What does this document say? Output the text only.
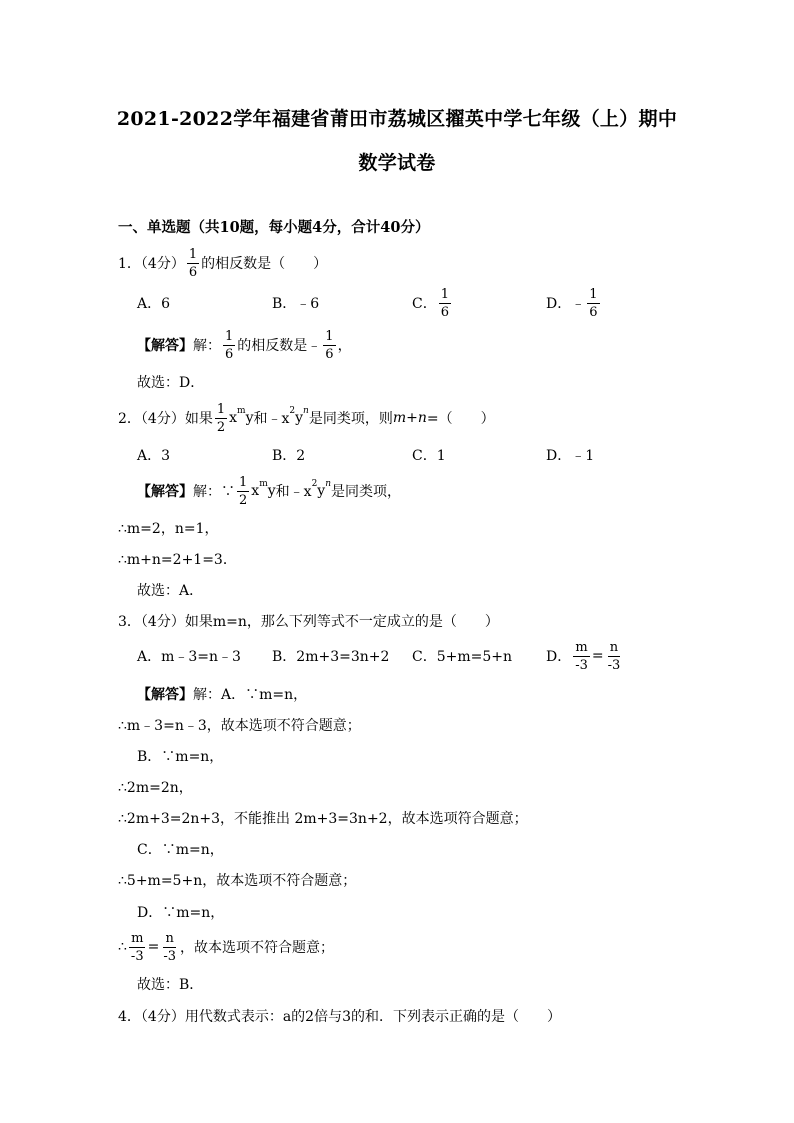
2021-2022学年福建省莆田市荔城区擢英中学七年级（上）期中
数学试卷
一、单选题（共10题，每小题4分，合计40分）
1．（4分） $\frac{1}{6}$ 的相反数是（　　）
A．6	B．﹣6	C． $\frac{1}{6}$	D．﹣ $\frac{1}{6}$
【解答】 解： $\frac{1}{6}$ 的相反数是﹣ $\frac{1}{6}$ ，
故选：D．
2．（4分）如果 $\frac{1}{2}$ x m y 和﹣x 2 y n 是同类项，则 m + n =（　　）
A．3	B．2	C．1	D．﹣1
【解答】 解：∵ $\frac{1}{2}$ x m y 和﹣x 2 y n 是同类项，
∴m=2，n=1，
∴m+n=2+1=3．
故选：A．
3．（4分）如果m=n，那么下列等式不一定成立的是（　　）
A．m﹣3=n﹣3 B．2m+3=3n+2 C．5+m=5+n D． $\frac{m}{-3} = \frac{n}{-3}$
【解答】 解：A．∵m=n，
∴m﹣3=n﹣3，故本选项不符合题意；
B．∵m=n，
∴2m=2n，
∴2m+3=2n+3，不能推出 2m+3=3n+2，故本选项符合题意；
C．∵m=n，
∴5+m=5+n，故本选项不符合题意；
D．∵m=n，
∴ $\frac{m}{-3} = \frac{n}{-3}$ ，故本选项不符合题意；
故选：B．
4．（4分）用代数式表示：a的2倍与3的和．下列表示正确的是（　　）
